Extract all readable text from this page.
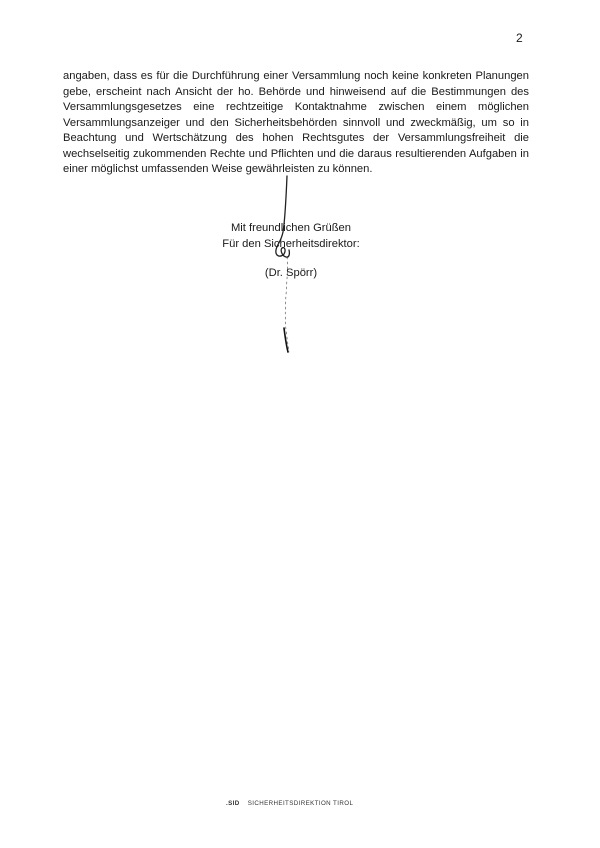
2
angaben, dass es für die Durchführung einer Versammlung noch keine konkreten Planungen gebe, erscheint nach Ansicht der ho. Behörde und hinweisend auf die Bestimmungen des Versammlungsgesetzes eine rechtzeitige Kontaktnahme zwischen einem möglichen Versammlungsanzeiger und den Sicherheitsbehörden sinnvoll und zweckmäßig, um so in Beachtung und Wertschätzung des hohen Rechtsgutes der Versammlungsfreiheit die wechselseitig zukommenden Rechte und Pflichten und die daraus resultierenden Aufgaben in einer möglichst umfassenden Weise gewährleisten zu können.
Mit freundlichen Grüßen
Für den Sicherheitsdirektor:
(Dr. Spörr)
.SID SICHERHEITSDIREKTION TIROL
